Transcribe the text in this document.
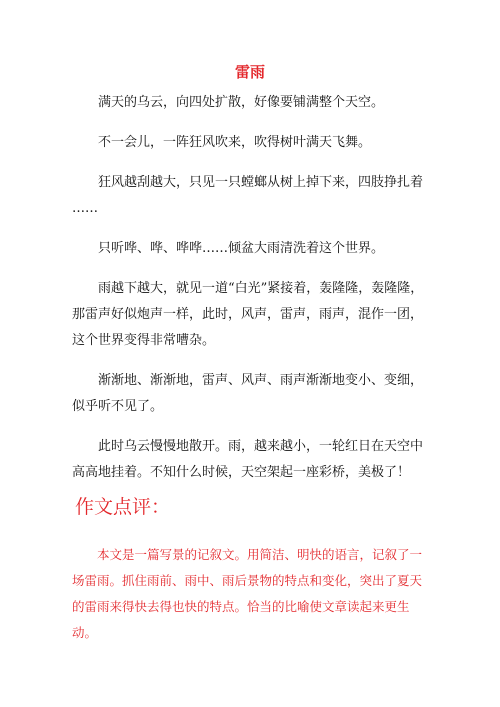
雷雨

满天的乌云，向四处扩散，好像要铺满整个天空。

不一会儿，一阵狂风吹来，吹得树叶满天飞舞。

狂风越刮越大，只见一只螳螂从树上掉下来，四肢挣扎着 ……

只听哗、哗、哗哗……倾盆大雨清洗着这个世界。

雨越下越大，就见一道“白光”紧接着，轰隆隆，轰隆隆，那雷声好似炮声一样，此时，风声，雷声，雨声，混作一团，这个世界变得非常嘈杂。

渐渐地、渐渐地，雷声、风声、雨声渐渐地变小、变细，似乎听不见了。

此时乌云慢慢地散开。雨，越来越小，一轮红日在天空中高高地挂着。不知什么时候，天空架起一座彩桥，美极了！

作文点评：
本文是一篇写景的记叙文。用简洁、明快的语言，记叙了一场雷雨。抓住雨前、雨中、雨后景物的特点和变化，突出了夏天的雷雨来得快去得也快的特点。恰当的比喻使文章读起来更生动。
